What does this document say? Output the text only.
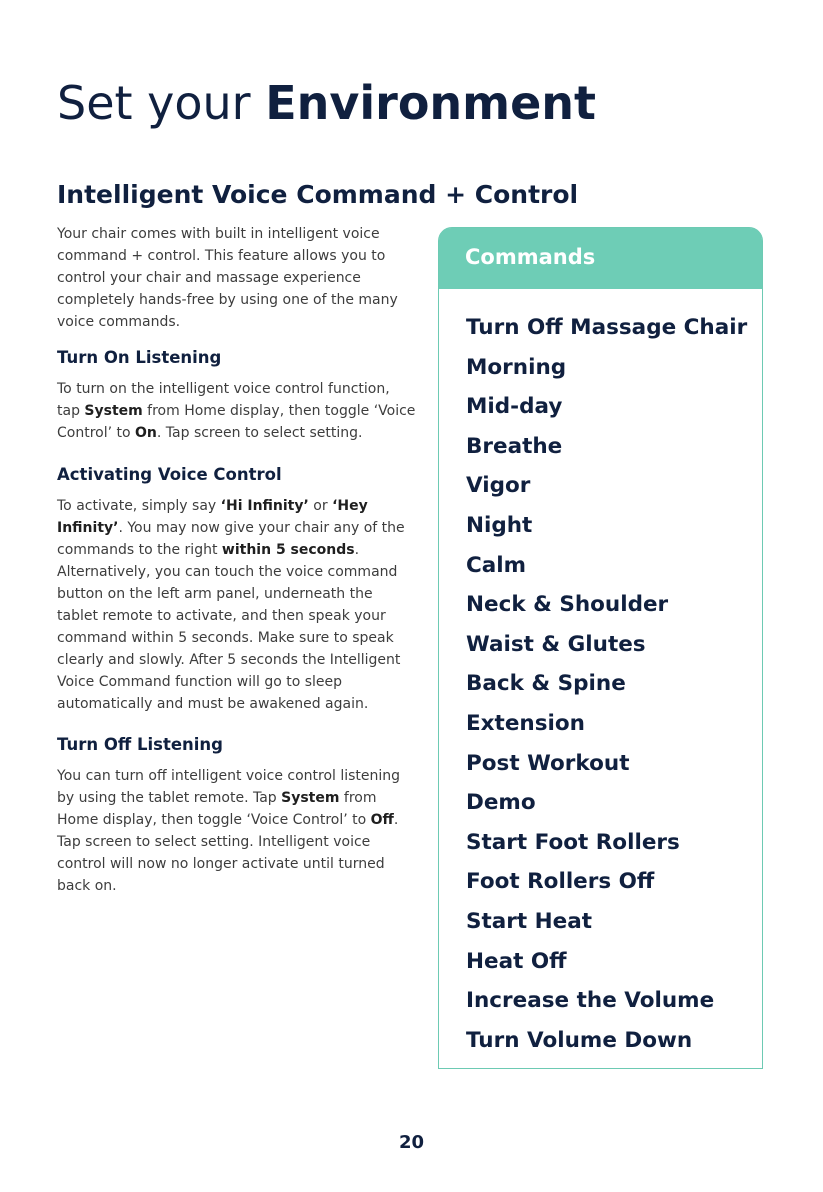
Set your Environment
Intelligent Voice Command + Control

Your chair comes with built in intelligent voice command + control. This feature allows you to control your chair and massage experience completely hands-free by using one of the many voice commands.

Turn On Listening

To turn on the intelligent voice control function, tap System from Home display, then toggle ‘Voice Control’ to On. Tap screen to select setting.

Activating Voice Control

To activate, simply say ‘Hi Infinity’ or ‘Hey Infinity’. You may now give your chair any of the commands to the right within 5 seconds. Alternatively, you can touch the voice command button on the left arm panel, underneath the tablet remote to activate, and then speak your command within 5 seconds. Make sure to speak clearly and slowly. After 5 seconds the Intelligent Voice Command function will go to sleep automatically and must be awakened again.

Turn Off Listening

You can turn off intelligent voice control listening by using the tablet remote. Tap System from Home display, then toggle ‘Voice Control’ to Off. Tap screen to select setting. Intelligent voice control will now no longer activate until turned back on.

Commands
Turn Off Massage Chair
Morning
Mid-day
Breathe
Vigor
Night
Calm
Neck & Shoulder
Waist & Glutes
Back & Spine
Extension
Post Workout
Demo
Start Foot Rollers
Foot Rollers Off
Start Heat
Heat Off
Increase the Volume
Turn Volume Down
20
